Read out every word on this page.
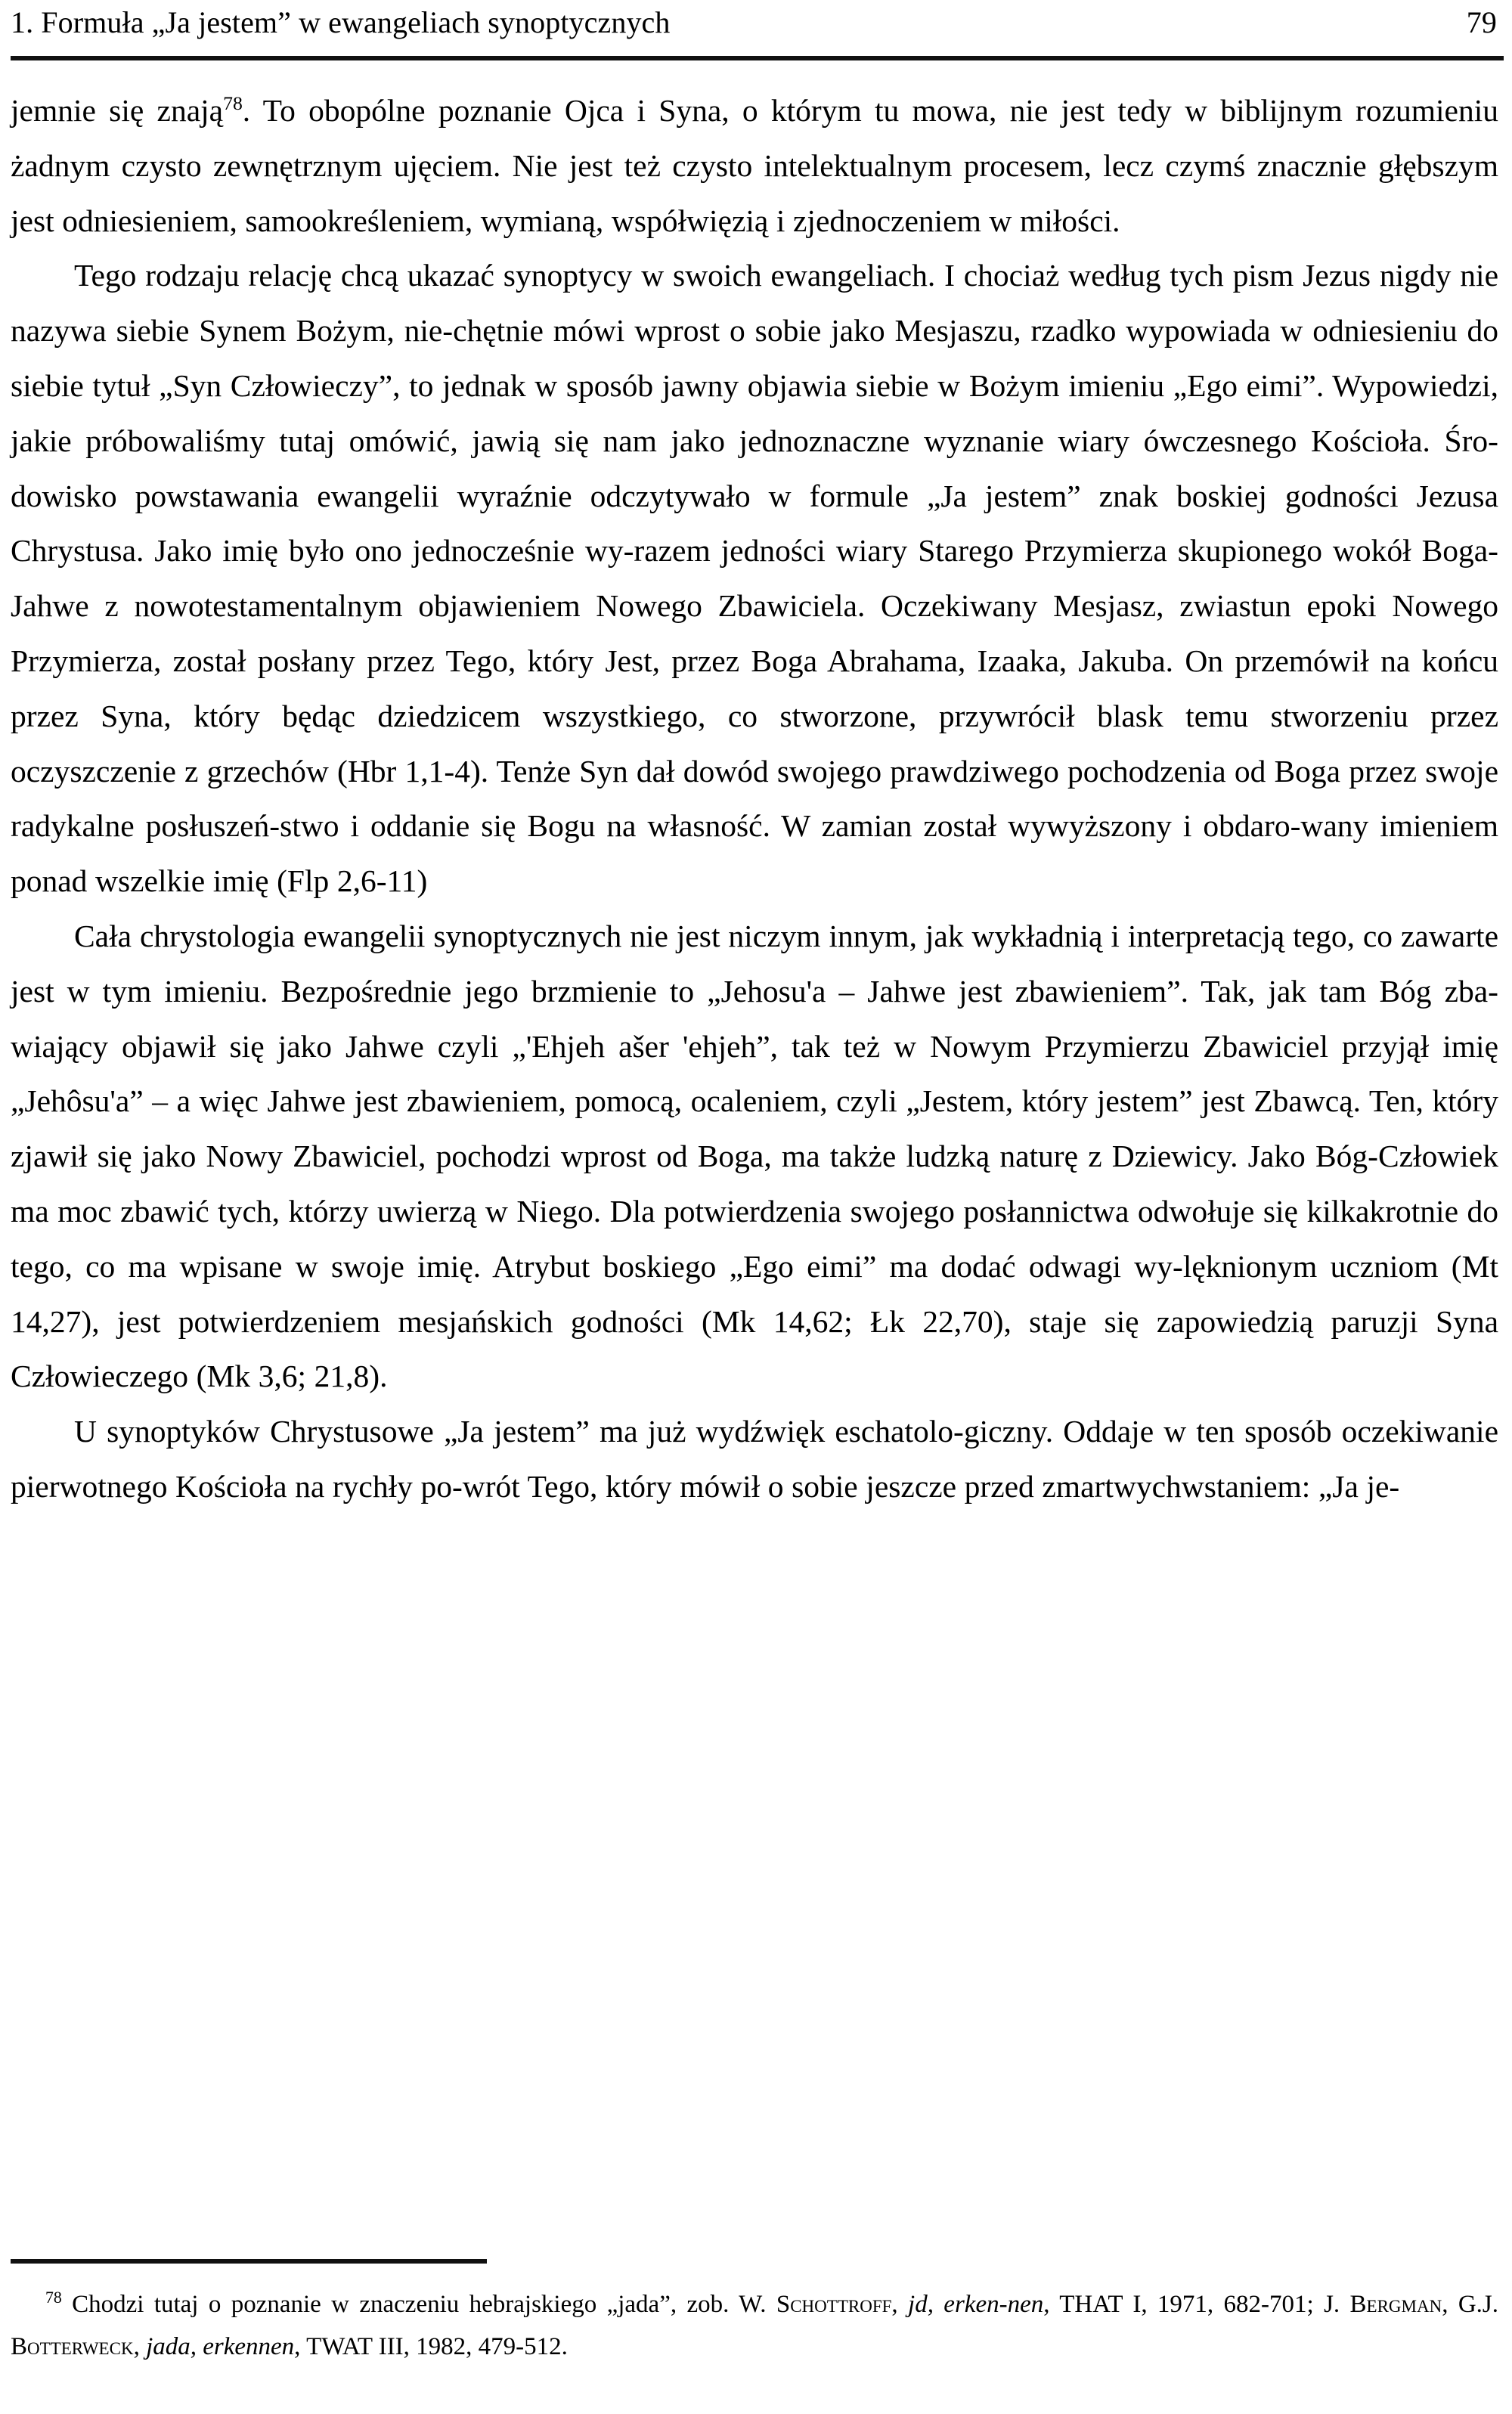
1. Formuła „Ja jestem” w ewangeliach synoptycznych	79

jemnie się znają$^{78}$. To obopólne poznanie Ojca i Syna, o którym tu mowa, nie jest tedy w biblijnym rozumieniu żadnym czysto zewnętrznym ujęciem. Nie jest też czysto intelektualnym procesem, lecz czymś znacznie głębszym jest odniesieniem, samookreśleniem, wymianą, współwięzią i zjednoczeniem w miłości.

Tego rodzaju relację chcą ukazać synoptycy w swoich ewangeliach. I chociaż według tych pism Jezus nigdy nie nazywa siebie Synem Bożym, nie-chętnie mówi wprost o sobie jako Mesjaszu, rzadko wypowiada w odniesieniu do siebie tytuł „Syn Człowieczy”, to jednak w sposób jawny objawia siebie w Bożym imieniu „Ego eimi”. Wypowiedzi, jakie próbowaliśmy tutaj omówić, jawią się nam jako jednoznaczne wyznanie wiary ówczesnego Kościoła. Śro-dowisko powstawania ewangelii wyraźnie odczytywało w formule „Ja jestem” znak boskiej godności Jezusa Chrystusa. Jako imię było ono jednocześnie wy-razem jedności wiary Starego Przymierza skupionego wokół Boga-Jahwe z nowotestamentalnym objawieniem Nowego Zbawiciela. Oczekiwany Mesjasz, zwiastun epoki Nowego Przymierza, został posłany przez Tego, który Jest, przez Boga Abrahama, Izaaka, Jakuba. On przemówił na końcu przez Syna, który będąc dziedzicem wszystkiego, co stworzone, przywrócił blask temu stworzeniu przez oczyszczenie z grzechów (Hbr 1,1-4). Tenże Syn dał dowód swojego prawdziwego pochodzenia od Boga przez swoje radykalne posłuszeń-stwo i oddanie się Bogu na własność. W zamian został wywyższony i obdaro-wany imieniem ponad wszelkie imię (Flp 2,6-11)

Cała chrystologia ewangelii synoptycznych nie jest niczym innym, jak wykładnią i interpretacją tego, co zawarte jest w tym imieniu. Bezpośrednie jego brzmienie to „Jehosu'a – Jahwe jest zbawieniem”. Tak, jak tam Bóg zba-wiający objawił się jako Jahwe czyli „'Ehjeh ašer 'ehjeh”, tak też w Nowym Przymierzu Zbawiciel przyjął imię „Jehôsu'a” – a więc Jahwe jest zbawieniem, pomocą, ocaleniem, czyli „Jestem, który jestem” jest Zbawcą. Ten, który zjawił się jako Nowy Zbawiciel, pochodzi wprost od Boga, ma także ludzką naturę z Dziewicy. Jako Bóg-Człowiek ma moc zbawić tych, którzy uwierzą w Niego. Dla potwierdzenia swojego posłannictwa odwołuje się kilkakrotnie do tego, co ma wpisane w swoje imię. Atrybut boskiego „Ego eimi” ma dodać odwagi wy-lęknionym uczniom (Mt 14,27), jest potwierdzeniem mesjańskich godności (Mk 14,62; Łk 22,70), staje się zapowiedzią paruzji Syna Człowieczego (Mk 3,6; 21,8).

U synoptyków Chrystusowe „Ja jestem” ma już wydźwięk eschatolo-giczny. Oddaje w ten sposób oczekiwanie pierwotnego Kościoła na rychły po-wrót Tego, który mówił o sobie jeszcze przed zmartwychwstaniem: „Ja je-

$^{78}$ Chodzi tutaj o poznanie w znaczeniu hebrajskiego „jada”, zob. W. Schottroff, jd, erken-nen, THAT I, 1971, 682-701; J. Bergman, G.J. Botterweck, jada, erkennen, TWAT III, 1982, 479-512.
